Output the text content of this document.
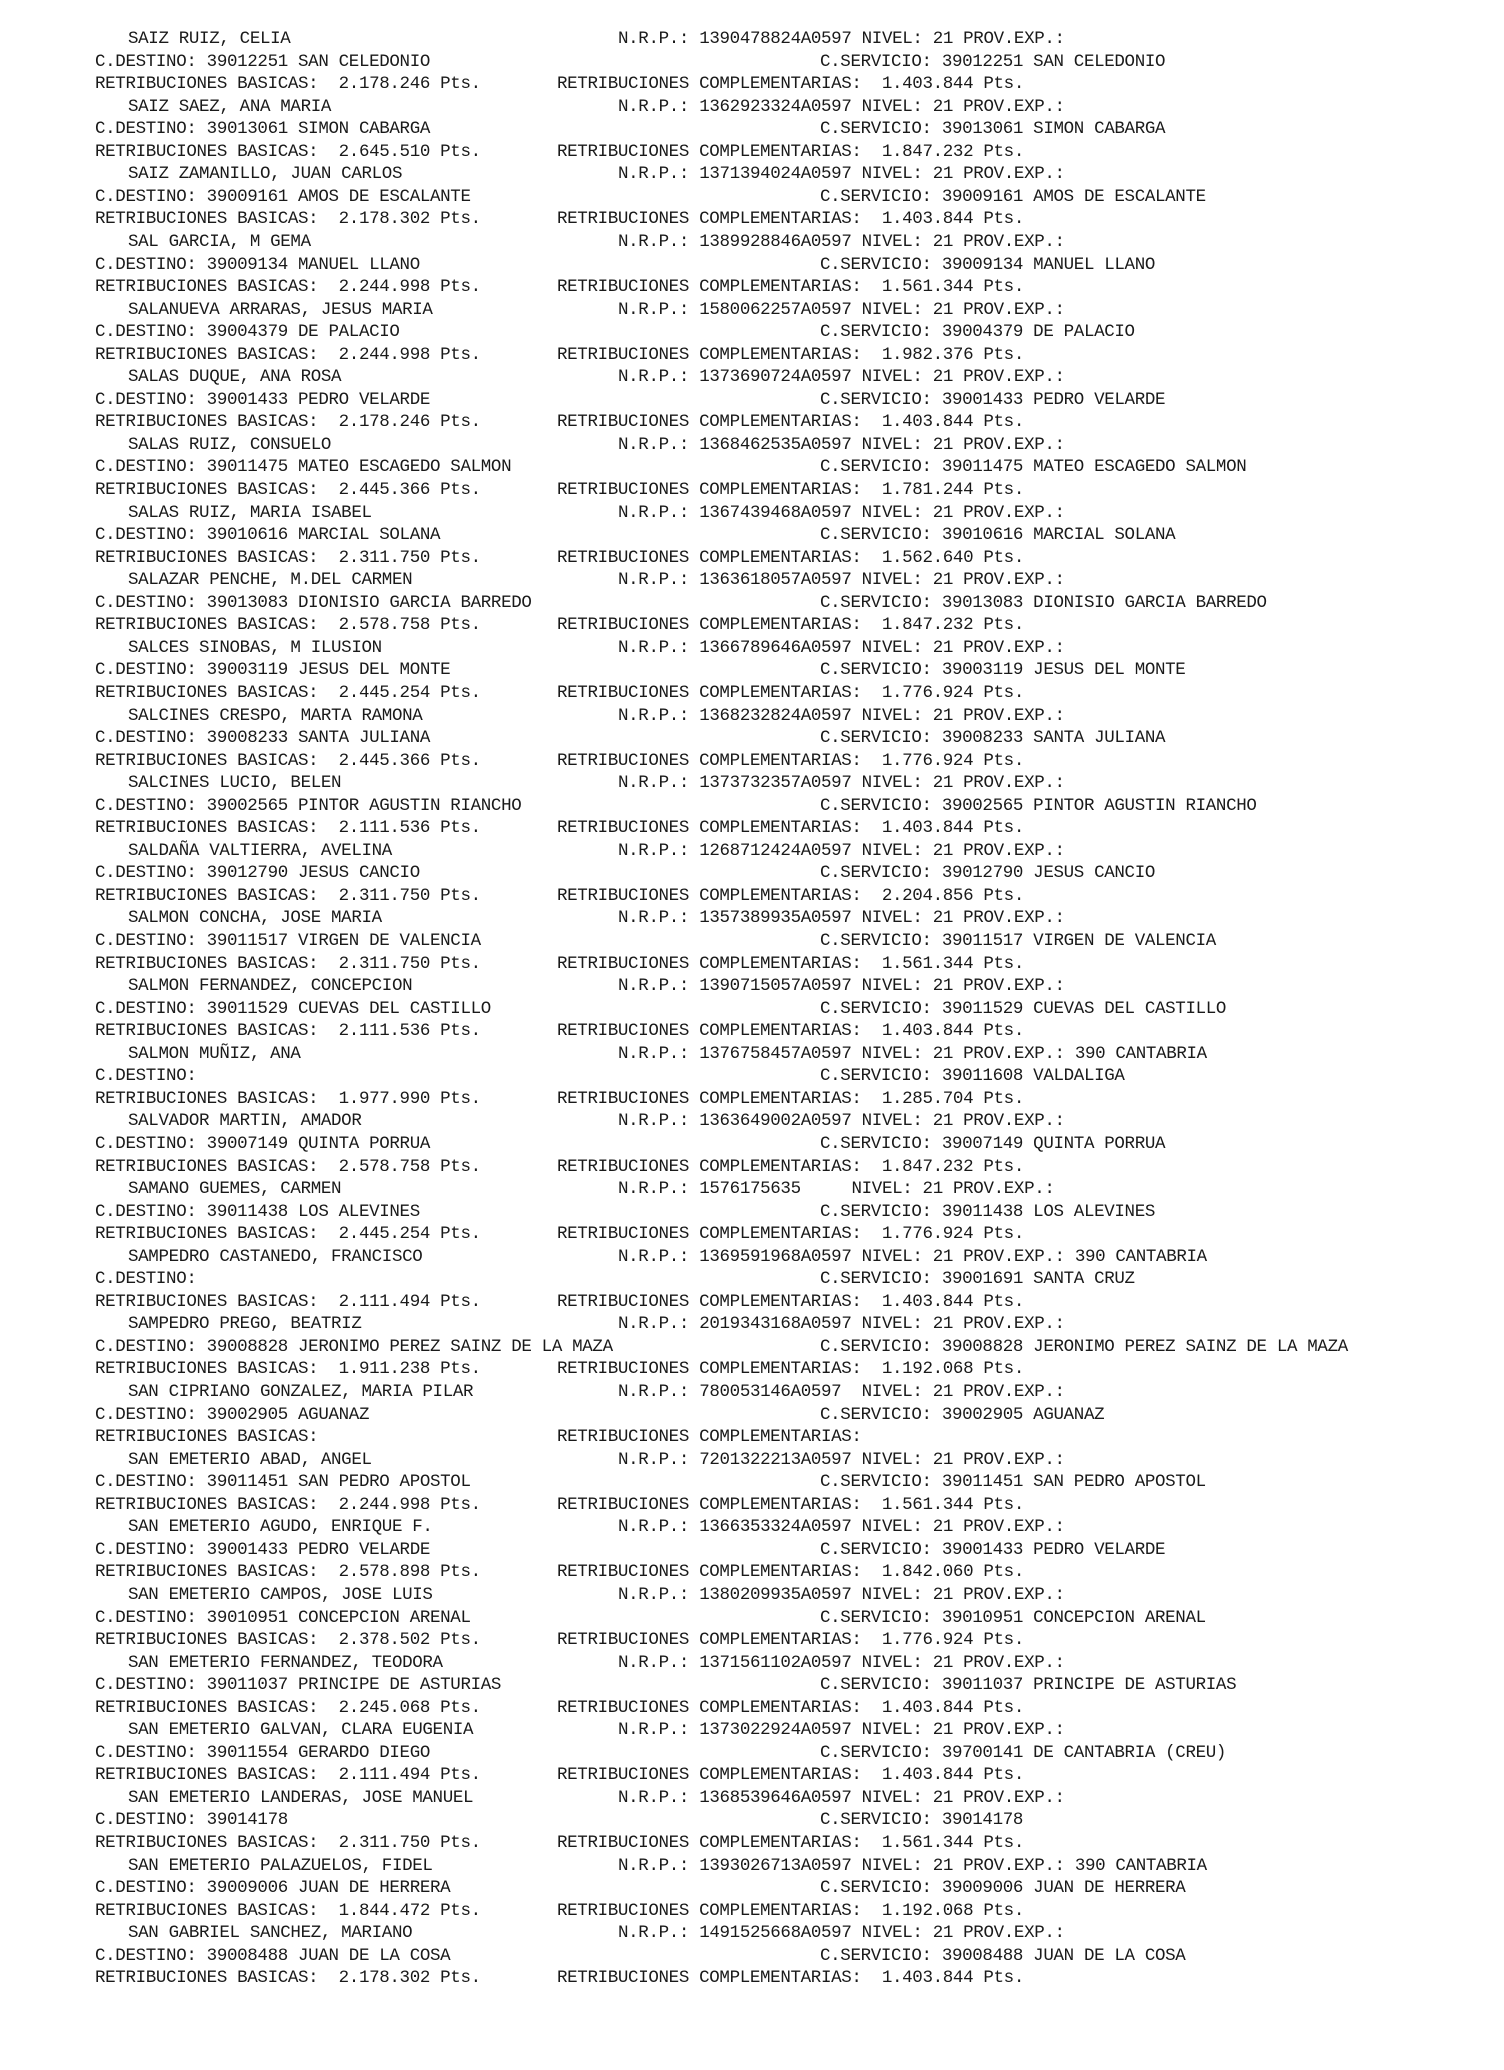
SAIZ RUIZ, CELIA	N.R.P.: 1390478824A0597 NIVEL: 21 PROV.EXP.:
C.DESTINO: 39012251 SAN CELEDONIO	C.SERVICIO: 39012251 SAN CELEDONIO
RETRIBUCIONES BASICAS:  2.178.246 Pts.	RETRIBUCIONES COMPLEMENTARIAS:  1.403.844 Pts.
SAIZ SAEZ, ANA MARIA	N.R.P.: 1362923324A0597 NIVEL: 21 PROV.EXP.:
C.DESTINO: 39013061 SIMON CABARGA	C.SERVICIO: 39013061 SIMON CABARGA
RETRIBUCIONES BASICAS:  2.645.510 Pts.	RETRIBUCIONES COMPLEMENTARIAS:  1.847.232 Pts.
SAIZ ZAMANILLO, JUAN CARLOS	N.R.P.: 1371394024A0597 NIVEL: 21 PROV.EXP.:
C.DESTINO: 39009161 AMOS DE ESCALANTE	C.SERVICIO: 39009161 AMOS DE ESCALANTE
RETRIBUCIONES BASICAS:  2.178.302 Pts.	RETRIBUCIONES COMPLEMENTARIAS:  1.403.844 Pts.
SAL GARCIA, M GEMA	N.R.P.: 1389928846A0597 NIVEL: 21 PROV.EXP.:
C.DESTINO: 39009134 MANUEL LLANO	C.SERVICIO: 39009134 MANUEL LLANO
RETRIBUCIONES BASICAS:  2.244.998 Pts.	RETRIBUCIONES COMPLEMENTARIAS:  1.561.344 Pts.
SALANUEVA ARRARAS, JESUS MARIA	N.R.P.: 1580062257A0597 NIVEL: 21 PROV.EXP.:
C.DESTINO: 39004379 DE PALACIO	C.SERVICIO: 39004379 DE PALACIO
RETRIBUCIONES BASICAS:  2.244.998 Pts.	RETRIBUCIONES COMPLEMENTARIAS:  1.982.376 Pts.
SALAS DUQUE, ANA ROSA	N.R.P.: 1373690724A0597 NIVEL: 21 PROV.EXP.:
C.DESTINO: 39001433 PEDRO VELARDE	C.SERVICIO: 39001433 PEDRO VELARDE
RETRIBUCIONES BASICAS:  2.178.246 Pts.	RETRIBUCIONES COMPLEMENTARIAS:  1.403.844 Pts.
SALAS RUIZ, CONSUELO	N.R.P.: 1368462535A0597 NIVEL: 21 PROV.EXP.:
C.DESTINO: 39011475 MATEO ESCAGEDO SALMON	C.SERVICIO: 39011475 MATEO ESCAGEDO SALMON
RETRIBUCIONES BASICAS:  2.445.366 Pts.	RETRIBUCIONES COMPLEMENTARIAS:  1.781.244 Pts.
SALAS RUIZ, MARIA ISABEL	N.R.P.: 1367439468A0597 NIVEL: 21 PROV.EXP.:
C.DESTINO: 39010616 MARCIAL SOLANA	C.SERVICIO: 39010616 MARCIAL SOLANA
RETRIBUCIONES BASICAS:  2.311.750 Pts.	RETRIBUCIONES COMPLEMENTARIAS:  1.562.640 Pts.
SALAZAR PENCHE, M.DEL CARMEN	N.R.P.: 1363618057A0597 NIVEL: 21 PROV.EXP.:
C.DESTINO: 39013083 DIONISIO GARCIA BARREDO	C.SERVICIO: 39013083 DIONISIO GARCIA BARREDO
RETRIBUCIONES BASICAS:  2.578.758 Pts.	RETRIBUCIONES COMPLEMENTARIAS:  1.847.232 Pts.
SALCES SINOBAS, M ILUSION	N.R.P.: 1366789646A0597 NIVEL: 21 PROV.EXP.:
C.DESTINO: 39003119 JESUS DEL MONTE	C.SERVICIO: 39003119 JESUS DEL MONTE
RETRIBUCIONES BASICAS:  2.445.254 Pts.	RETRIBUCIONES COMPLEMENTARIAS:  1.776.924 Pts.
SALCINES CRESPO, MARTA RAMONA	N.R.P.: 1368232824A0597 NIVEL: 21 PROV.EXP.:
C.DESTINO: 39008233 SANTA JULIANA	C.SERVICIO: 39008233 SANTA JULIANA
RETRIBUCIONES BASICAS:  2.445.366 Pts.	RETRIBUCIONES COMPLEMENTARIAS:  1.776.924 Pts.
SALCINES LUCIO, BELEN	N.R.P.: 1373732357A0597 NIVEL: 21 PROV.EXP.:
C.DESTINO: 39002565 PINTOR AGUSTIN RIANCHO	C.SERVICIO: 39002565 PINTOR AGUSTIN RIANCHO
RETRIBUCIONES BASICAS:  2.111.536 Pts.	RETRIBUCIONES COMPLEMENTARIAS:  1.403.844 Pts.
SALDAÑA VALTIERRA, AVELINA	N.R.P.: 1268712424A0597 NIVEL: 21 PROV.EXP.:
C.DESTINO: 39012790 JESUS CANCIO	C.SERVICIO: 39012790 JESUS CANCIO
RETRIBUCIONES BASICAS:  2.311.750 Pts.	RETRIBUCIONES COMPLEMENTARIAS:  2.204.856 Pts.
SALMON CONCHA, JOSE MARIA	N.R.P.: 1357389935A0597 NIVEL: 21 PROV.EXP.:
C.DESTINO: 39011517 VIRGEN DE VALENCIA	C.SERVICIO: 39011517 VIRGEN DE VALENCIA
RETRIBUCIONES BASICAS:  2.311.750 Pts.	RETRIBUCIONES COMPLEMENTARIAS:  1.561.344 Pts.
SALMON FERNANDEZ, CONCEPCION	N.R.P.: 1390715057A0597 NIVEL: 21 PROV.EXP.:
C.DESTINO: 39011529 CUEVAS DEL CASTILLO	C.SERVICIO: 39011529 CUEVAS DEL CASTILLO
RETRIBUCIONES BASICAS:  2.111.536 Pts.	RETRIBUCIONES COMPLEMENTARIAS:  1.403.844 Pts.
SALMON MUÑIZ, ANA	N.R.P.: 1376758457A0597 NIVEL: 21 PROV.EXP.: 390 CANTABRIA
C.DESTINO:	C.SERVICIO: 39011608 VALDALIGA
RETRIBUCIONES BASICAS:  1.977.990 Pts.	RETRIBUCIONES COMPLEMENTARIAS:  1.285.704 Pts.
SALVADOR MARTIN, AMADOR	N.R.P.: 1363649002A0597 NIVEL: 21 PROV.EXP.:
C.DESTINO: 39007149 QUINTA PORRUA	C.SERVICIO: 39007149 QUINTA PORRUA
RETRIBUCIONES BASICAS:  2.578.758 Pts.	RETRIBUCIONES COMPLEMENTARIAS:  1.847.232 Pts.
SAMANO GUEMES, CARMEN	N.R.P.: 1576175635     NIVEL: 21 PROV.EXP.:
C.DESTINO: 39011438 LOS ALEVINES	C.SERVICIO: 39011438 LOS ALEVINES
RETRIBUCIONES BASICAS:  2.445.254 Pts.	RETRIBUCIONES COMPLEMENTARIAS:  1.776.924 Pts.
SAMPEDRO CASTANEDO, FRANCISCO	N.R.P.: 1369591968A0597 NIVEL: 21 PROV.EXP.: 390 CANTABRIA
C.DESTINO:	C.SERVICIO: 39001691 SANTA CRUZ
RETRIBUCIONES BASICAS:  2.111.494 Pts.	RETRIBUCIONES COMPLEMENTARIAS:  1.403.844 Pts.
SAMPEDRO PREGO, BEATRIZ	N.R.P.: 2019343168A0597 NIVEL: 21 PROV.EXP.:
C.DESTINO: 39008828 JERONIMO PEREZ SAINZ DE LA MAZA	C.SERVICIO: 39008828 JERONIMO PEREZ SAINZ DE LA MAZA
RETRIBUCIONES BASICAS:  1.911.238 Pts.	RETRIBUCIONES COMPLEMENTARIAS:  1.192.068 Pts.
SAN CIPRIANO GONZALEZ, MARIA PILAR	N.R.P.: 780053146A0597  NIVEL: 21 PROV.EXP.:
C.DESTINO: 39002905 AGUANAZ	C.SERVICIO: 39002905 AGUANAZ
RETRIBUCIONES BASICAS:	RETRIBUCIONES COMPLEMENTARIAS:
SAN EMETERIO ABAD, ANGEL	N.R.P.: 7201322213A0597 NIVEL: 21 PROV.EXP.:
C.DESTINO: 39011451 SAN PEDRO APOSTOL	C.SERVICIO: 39011451 SAN PEDRO APOSTOL
RETRIBUCIONES BASICAS:  2.244.998 Pts.	RETRIBUCIONES COMPLEMENTARIAS:  1.561.344 Pts.
SAN EMETERIO AGUDO, ENRIQUE F.	N.R.P.: 1366353324A0597 NIVEL: 21 PROV.EXP.:
C.DESTINO: 39001433 PEDRO VELARDE	C.SERVICIO: 39001433 PEDRO VELARDE
RETRIBUCIONES BASICAS:  2.578.898 Pts.	RETRIBUCIONES COMPLEMENTARIAS:  1.842.060 Pts.
SAN EMETERIO CAMPOS, JOSE LUIS	N.R.P.: 1380209935A0597 NIVEL: 21 PROV.EXP.:
C.DESTINO: 39010951 CONCEPCION ARENAL	C.SERVICIO: 39010951 CONCEPCION ARENAL
RETRIBUCIONES BASICAS:  2.378.502 Pts.	RETRIBUCIONES COMPLEMENTARIAS:  1.776.924 Pts.
SAN EMETERIO FERNANDEZ, TEODORA	N.R.P.: 1371561102A0597 NIVEL: 21 PROV.EXP.:
C.DESTINO: 39011037 PRINCIPE DE ASTURIAS	C.SERVICIO: 39011037 PRINCIPE DE ASTURIAS
RETRIBUCIONES BASICAS:  2.245.068 Pts.	RETRIBUCIONES COMPLEMENTARIAS:  1.403.844 Pts.
SAN EMETERIO GALVAN, CLARA EUGENIA	N.R.P.: 1373022924A0597 NIVEL: 21 PROV.EXP.:
C.DESTINO: 39011554 GERARDO DIEGO	C.SERVICIO: 39700141 DE CANTABRIA (CREU)
RETRIBUCIONES BASICAS:  2.111.494 Pts.	RETRIBUCIONES COMPLEMENTARIAS:  1.403.844 Pts.
SAN EMETERIO LANDERAS, JOSE MANUEL	N.R.P.: 1368539646A0597 NIVEL: 21 PROV.EXP.:
C.DESTINO: 39014178	C.SERVICIO: 39014178
RETRIBUCIONES BASICAS:  2.311.750 Pts.	RETRIBUCIONES COMPLEMENTARIAS:  1.561.344 Pts.
SAN EMETERIO PALAZUELOS, FIDEL	N.R.P.: 1393026713A0597 NIVEL: 21 PROV.EXP.: 390 CANTABRIA
C.DESTINO: 39009006 JUAN DE HERRERA	C.SERVICIO: 39009006 JUAN DE HERRERA
RETRIBUCIONES BASICAS:  1.844.472 Pts.	RETRIBUCIONES COMPLEMENTARIAS:  1.192.068 Pts.
SAN GABRIEL SANCHEZ, MARIANO	N.R.P.: 1491525668A0597 NIVEL: 21 PROV.EXP.:
C.DESTINO: 39008488 JUAN DE LA COSA	C.SERVICIO: 39008488 JUAN DE LA COSA
RETRIBUCIONES BASICAS:  2.178.302 Pts.	RETRIBUCIONES COMPLEMENTARIAS:  1.403.844 Pts.
